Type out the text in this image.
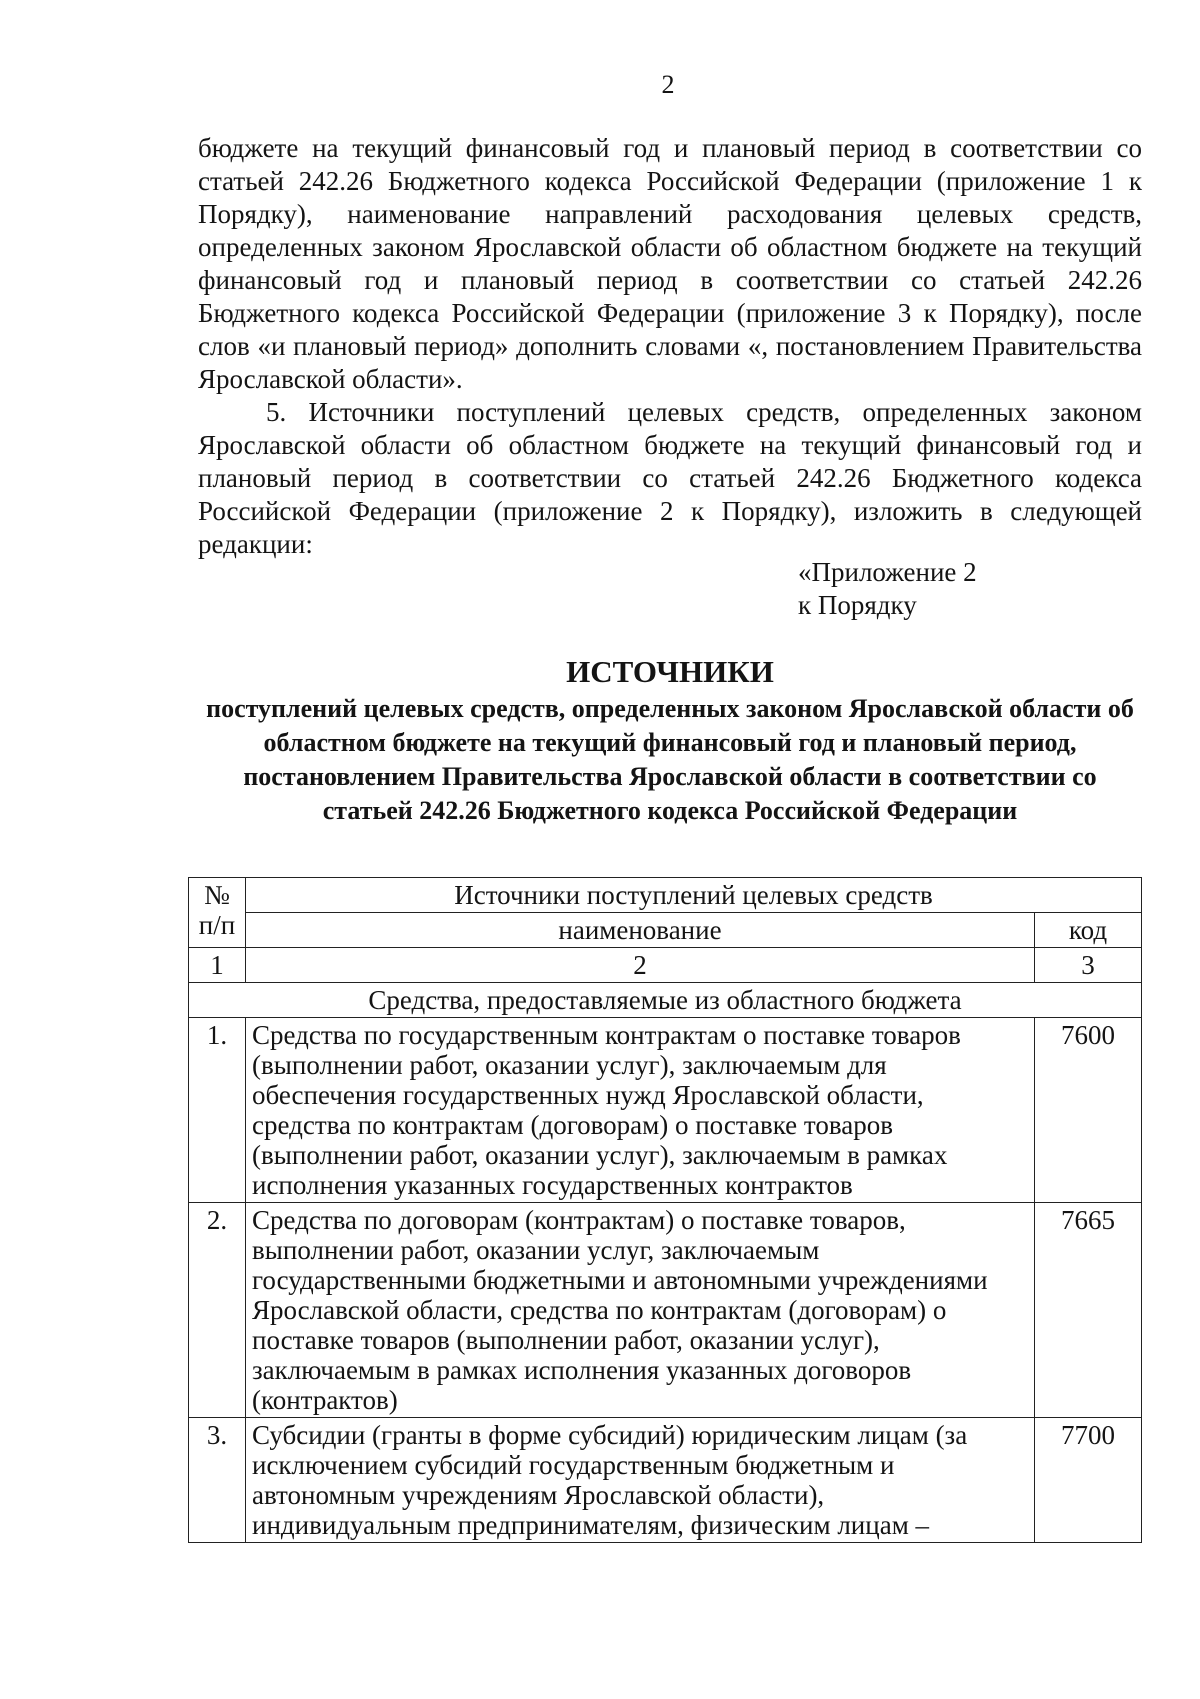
2

бюджете на текущий финансовый год и плановый период в соответствии со статьей 242.26 Бюджетного кодекса Российской Федерации (приложение 1 к Порядку), наименование направлений расходования целевых средств, определенных законом Ярославской области об областном бюджете на текущий финансовый год и плановый период в соответствии со статьей 242.26 Бюджетного кодекса Российской Федерации (приложение 3 к Порядку), после слов «и плановый период» дополнить словами «, постановлением Правительства Ярославской области».

5. Источники поступлений целевых средств, определенных законом Ярославской области об областном бюджете на текущий финансовый год и плановый период в соответствии со статьей 242.26 Бюджетного кодекса Российской Федерации (приложение 2 к Порядку), изложить в следующей редакции:

«Приложение 2
к Порядку
ИСТОЧНИКИ
поступлений целевых средств, определенных законом Ярославской области об областном бюджете на текущий финансовый год и плановый период, постановлением Правительства Ярославской области в соответствии со статьей 242.26 Бюджетного кодекса Российской Федерации
№
п/п	Источники поступлений целевых средств	
	наименование	код
1	2	3
Средства, предоставляемые из областного бюджета		
1.	Средства по государственным контрактам о поставке товаров (выполнении работ, оказании услуг), заключаемым для обеспечения государственных нужд Ярославской области, средства по контрактам (договорам) о поставке товаров (выполнении работ, оказании услуг), заключаемым в рамках исполнения указанных государственных контрактов	7600
2.	Средства по договорам (контрактам) о поставке товаров, выполнении работ, оказании услуг, заключаемым государственными бюджетными и автономными учреждениями Ярославской области, средства по контрактам (договорам) о поставке товаров (выполнении работ, оказании услуг), заключаемым в рамках исполнения указанных договоров (контрактов)	7665
3.	Субсидии (гранты в форме субсидий) юридическим лицам (за исключением субсидий государственным бюджетным и автономным учреждениям Ярославской области), индивидуальным предпринимателям, физическим лицам –	7700
